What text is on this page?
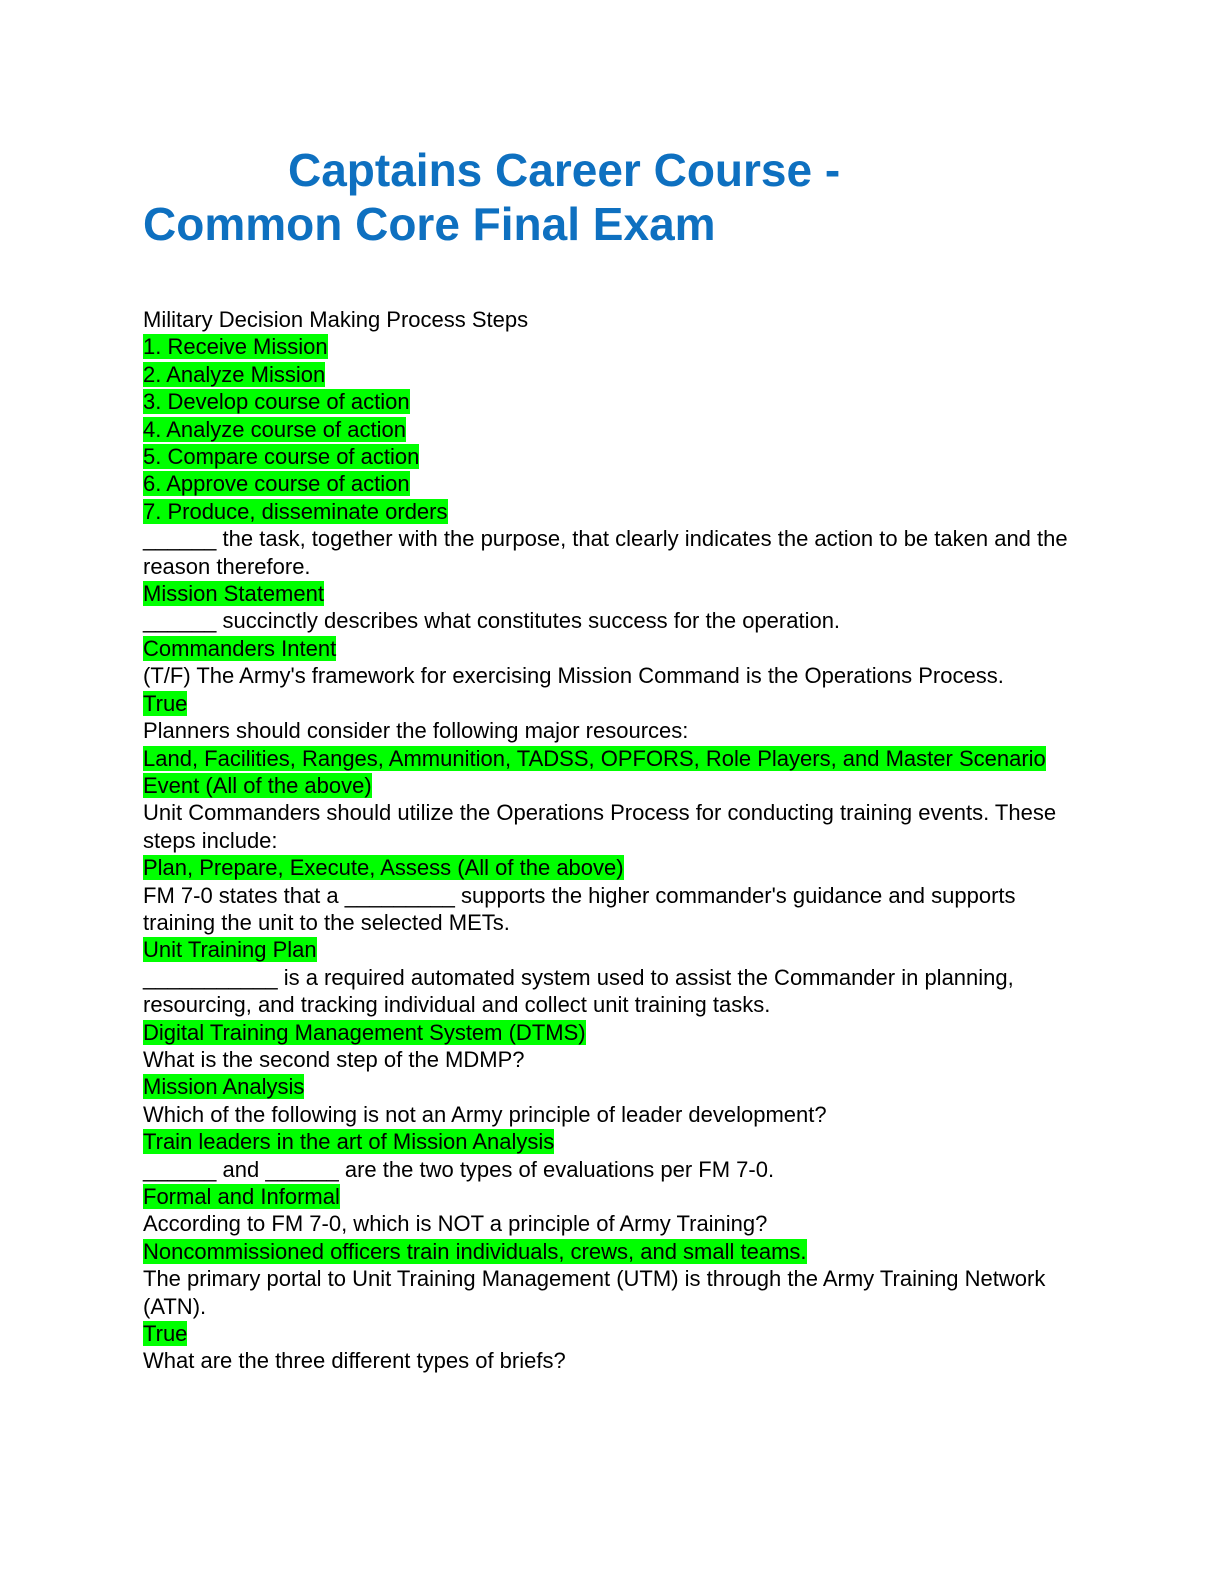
Captains Career Course -
Common Core Final Exam
Military Decision Making Process Steps
1. Receive Mission
2. Analyze Mission
3. Develop course of action
4. Analyze course of action
5. Compare course of action
6. Approve course of action
7. Produce, disseminate orders
______ the task, together with the purpose, that clearly indicates the action to be taken and the reason therefore.
Mission Statement
______ succinctly describes what constitutes success for the operation.
Commanders Intent
(T/F) The Army's framework for exercising Mission Command is the Operations Process.
True
Planners should consider the following major resources:
Land, Facilities, Ranges, Ammunition, TADSS, OPFORS, Role Players, and Master Scenario Event (All of the above)
Unit Commanders should utilize the Operations Process for conducting training events. These steps include:
Plan, Prepare, Execute, Assess (All of the above)
FM 7-0 states that a _________ supports the higher commander's guidance and supports training the unit to the selected METs.
Unit Training Plan
___________ is a required automated system used to assist the Commander in planning, resourcing, and tracking individual and collect unit training tasks.
Digital Training Management System (DTMS)
What is the second step of the MDMP?
Mission Analysis
Which of the following is not an Army principle of leader development?
Train leaders in the art of Mission Analysis
______ and ______ are the two types of evaluations per FM 7-0.
Formal and Informal
According to FM 7-0, which is NOT a principle of Army Training?
Noncommissioned officers train individuals, crews, and small teams.
The primary portal to Unit Training Management (UTM) is through the Army Training Network (ATN).
True
What are the three different types of briefs?
